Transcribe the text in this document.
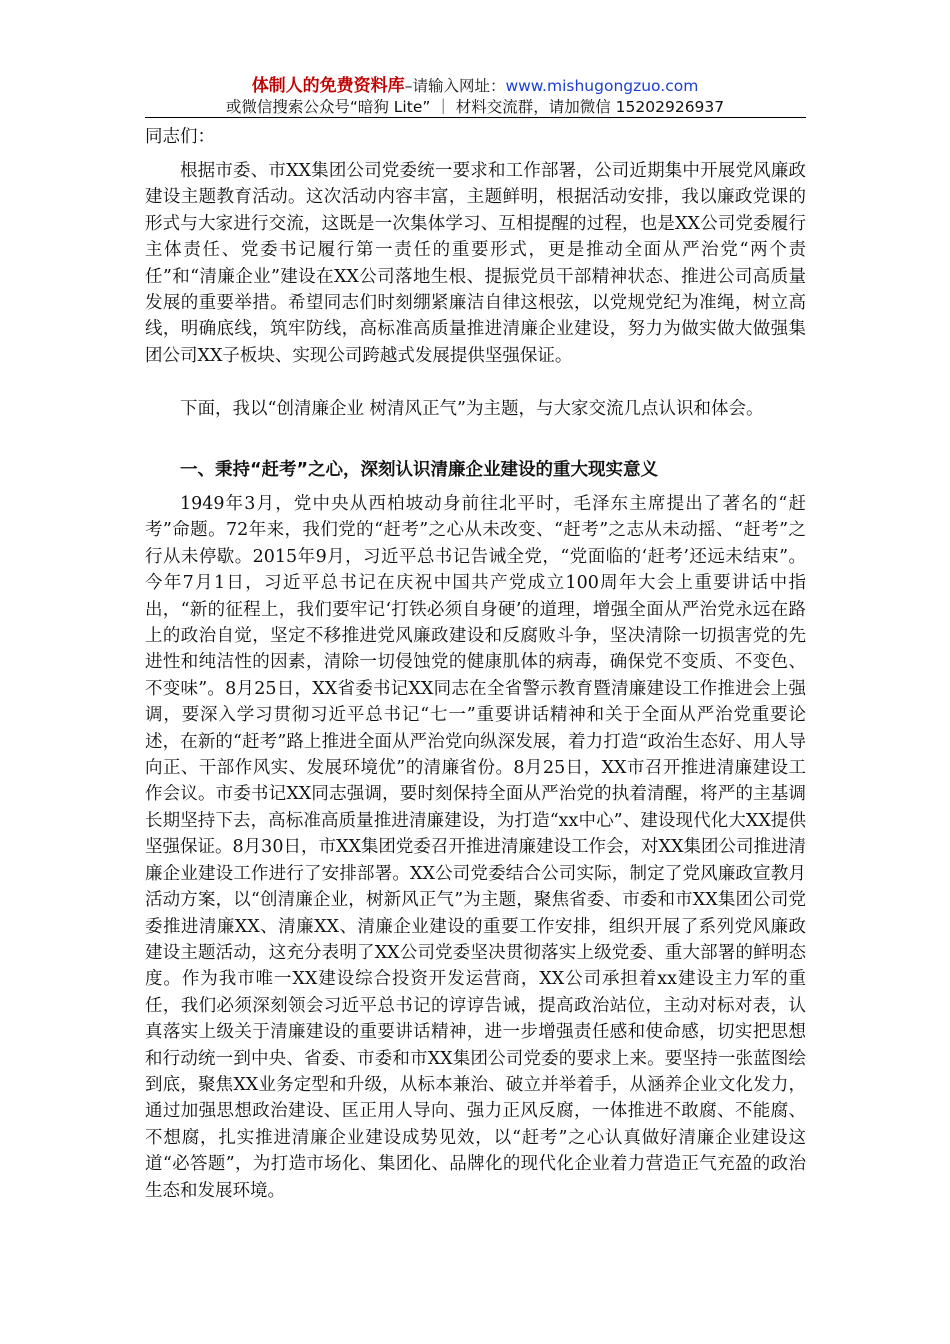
体制人的免费资料库–请输入网址：www.mishugongzuo.com
或微信搜索公众号“暗狗 Lite” ｜ 材料交流群，请加微信 15202926937
同志们：

根据市委、市XX集团公司党委统一要求和工作部署，公司近期集中开展党风廉政建设主题教育活动。这次活动内容丰富，主题鲜明，根据活动安排，我以廉政党课的形式与大家进行交流，这既是一次集体学习、互相提醒的过程，也是XX公司党委履行主体责任、党委书记履行第一责任的重要形式，更是推动全面从严治党“两个责任”和“清廉企业”建设在XX公司落地生根、提振党员干部精神状态、推进公司高质量发展的重要举措。希望同志们时刻绷紧廉洁自律这根弦，以党规党纪为准绳，树立高线，明确底线，筑牢防线，高标准高质量推进清廉企业建设，努力为做实做大做强集团公司XX子板块、实现公司跨越式发展提供坚强保证。

下面，我以“创清廉企业 树清风正气”为主题，与大家交流几点认识和体会。

一、秉持“赶考”之心，深刻认识清廉企业建设的重大现实意义

1949年3月，党中央从西柏坡动身前往北平时，毛泽东主席提出了著名的“赶考”命题。72年来，我们党的“赶考”之心从未改变、“赶考”之志从未动摇、“赶考”之行从未停歇。2015年9月，习近平总书记告诫全党，“党面临的‘赶考’还远未结束”。今年7月1日，习近平总书记在庆祝中国共产党成立100周年大会上重要讲话中指出，“新的征程上，我们要牢记‘打铁必须自身硬’的道理，增强全面从严治党永远在路上的政治自觉，坚定不移推进党风廉政建设和反腐败斗争，坚决清除一切损害党的先进性和纯洁性的因素，清除一切侵蚀党的健康肌体的病毒，确保党不变质、不变色、不变味”。8月25日，XX省委书记XX同志在全省警示教育暨清廉建设工作推进会上强调，要深入学习贯彻习近平总书记“七一”重要讲话精神和关于全面从严治党重要论述，在新的“赶考”路上推进全面从严治党向纵深发展，着力打造“政治生态好、用人导向正、干部作风实、发展环境优”的清廉省份。8月25日，XX市召开推进清廉建设工作会议。市委书记XX同志强调，要时刻保持全面从严治党的执着清醒，将严的主基调长期坚持下去，高标准高质量推进清廉建设，为打造“xx中心”、建设现代化大XX提供坚强保证。8月30日，市XX集团党委召开推进清廉建设工作会，对XX集团公司推进清廉企业建设工作进行了安排部署。XX公司党委结合公司实际，制定了党风廉政宣教月活动方案，以“创清廉企业，树新风正气”为主题，聚焦省委、市委和市XX集团公司党委推进清廉XX、清廉XX、清廉企业建设的重要工作安排，组织开展了系列党风廉政建设主题活动，这充分表明了XX公司党委坚决贯彻落实上级党委、重大部署的鲜明态度。作为我市唯一XX建设综合投资开发运营商，XX公司承担着xx建设主力军的重任，我们必须深刻领会习近平总书记的谆谆告诫，提高政治站位，主动对标对表，认真落实上级关于清廉建设的重要讲话精神，进一步增强责任感和使命感，切实把思想和行动统一到中央、省委、市委和市XX集团公司党委的要求上来。要坚持一张蓝图绘到底，聚焦XX业务定型和升级，从标本兼治、破立并举着手，从涵养企业文化发力，通过加强思想政治建设、匡正用人导向、强力正风反腐，一体推进不敢腐、不能腐、不想腐，扎实推进清廉企业建设成势见效，以“赶考”之心认真做好清廉企业建设这道“必答题”，为打造市场化、集团化、品牌化的现代化企业着力营造正气充盈的政治生态和发展环境。
